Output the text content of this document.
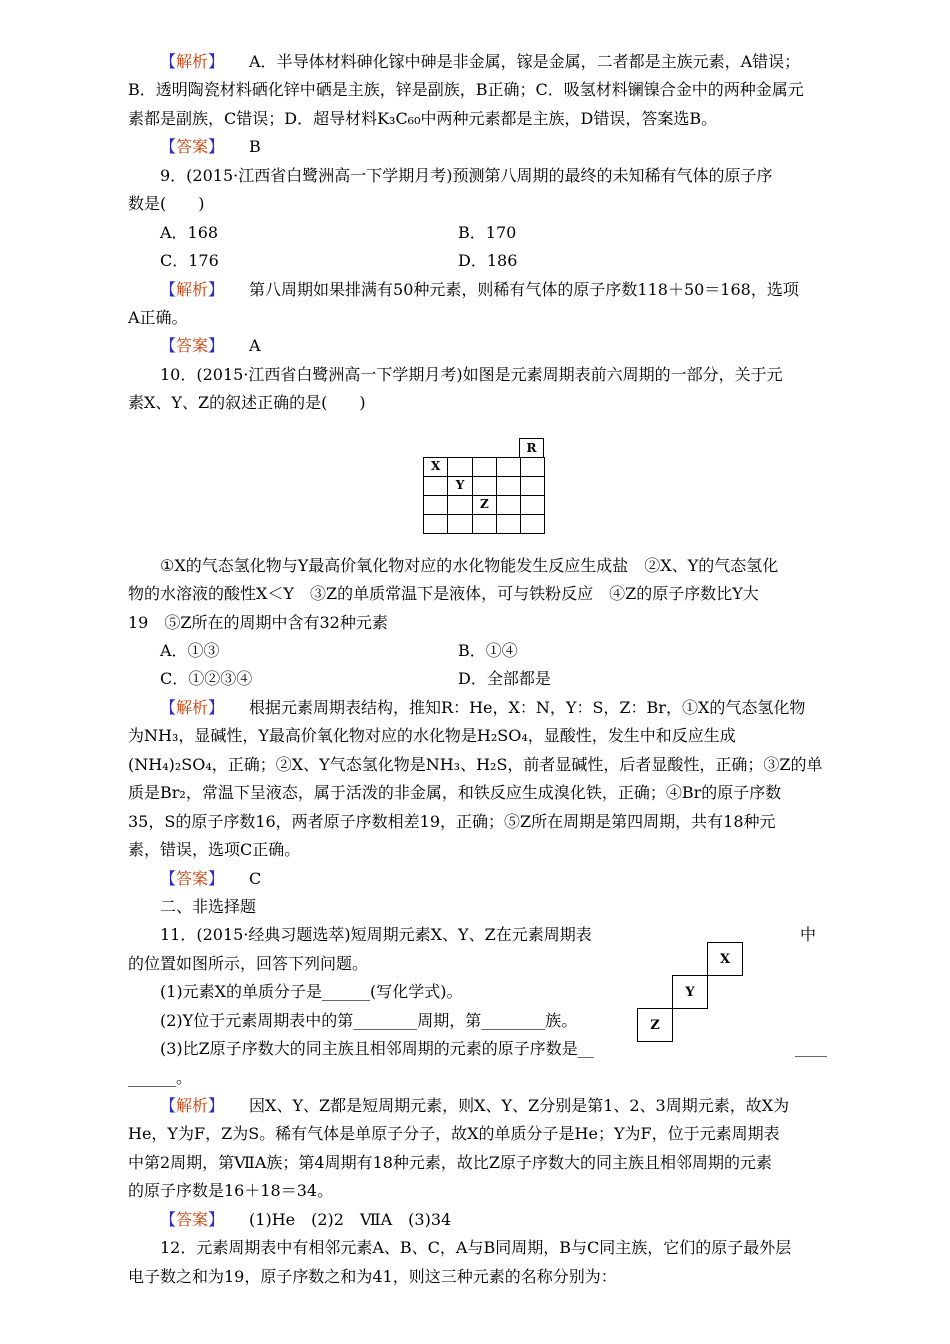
【解析】 A．半导体材料砷化镓中砷是非金属，镓是金属，二者都是主族元素，A错误；
B．透明陶瓷材料硒化锌中硒是主族，锌是副族，B正确；C．吸氢材料镧镍合金中的两种金属元
素都是副族，C错误；D．超导材料K₃C₆₀中两种元素都是主族，D错误，答案选B。
【答案】 B
9．(2015·江西省白鹭洲高一下学期月考)预测第八周期的最终的未知稀有气体的原子序
数是(　　)
A．168	B．170
C．176	D．186
【解析】 第八周期如果排满有50种元素，则稀有气体的原子序数118＋50＝168，选项
A正确。
【答案】 A
10．(2015·江西省白鹭洲高一下学期月考)如图是元素周期表前六周期的一部分，关于元
素X、Y、Z的叙述正确的是(　　)
R
X				
	Y			
		Z		

①X的气态氢化物与Y最高价氧化物对应的水化物能发生反应生成盐　②X、Y的气态氢化
物的水溶液的酸性X＜Y　③Z的单质常温下是液体，可与铁粉反应　④Z的原子序数比Y大
19　⑤Z所在的周期中含有32种元素
A．①③	B．①④
C．①②③④	D．全部都是
【解析】 根据元素周期表结构，推知R：He，X：N，Y：S，Z：Br，①X的气态氢化物
为NH₃，显碱性，Y最高价氧化物对应的水化物是H₂SO₄，显酸性，发生中和反应生成
(NH₄)₂SO₄，正确；②X、Y气态氢化物是NH₃、H₂S，前者显碱性，后者显酸性，正确；③Z的单
质是Br₂，常温下呈液态，属于活泼的非金属，和铁反应生成溴化铁，正确；④Br的原子序数
35，S的原子序数16，两者原子序数相差19，正确；⑤Z所在周期是第四周期，共有18种元
素，错误，选项C正确。
【答案】 C
二、非选择题
11．(2015·经典习题选萃)短周期元素X、Y、Z在元素周期表
的位置如图所示，回答下列问题。
(1)元素X的单质分子是______(写化学式)。
(2)Y位于元素周期表中的第________周期，第________族。
(3)比Z原子序数大的同主族且相邻周期的元素的原子序数是__
______。
【解析】 因X、Y、Z都是短周期元素，则X、Y、Z分别是第1、2、3周期元素，故X为
He，Y为F，Z为S。稀有气体是单原子分子，故X的单质分子是He；Y为F，位于元素周期表
中第2周期，第ⅦA族；第4周期有18种元素，故比Z原子序数大的同主族且相邻周期的元素
的原子序数是16＋18＝34。
【答案】 (1)He　(2)2　ⅦA　(3)34
12．元素周期表中有相邻元素A、B、C，A与B同周期，B与C同主族，它们的原子最外层
电子数之和为19，原子序数之和为41，则这三种元素的名称分别为：
X
Y
Z
中
____
